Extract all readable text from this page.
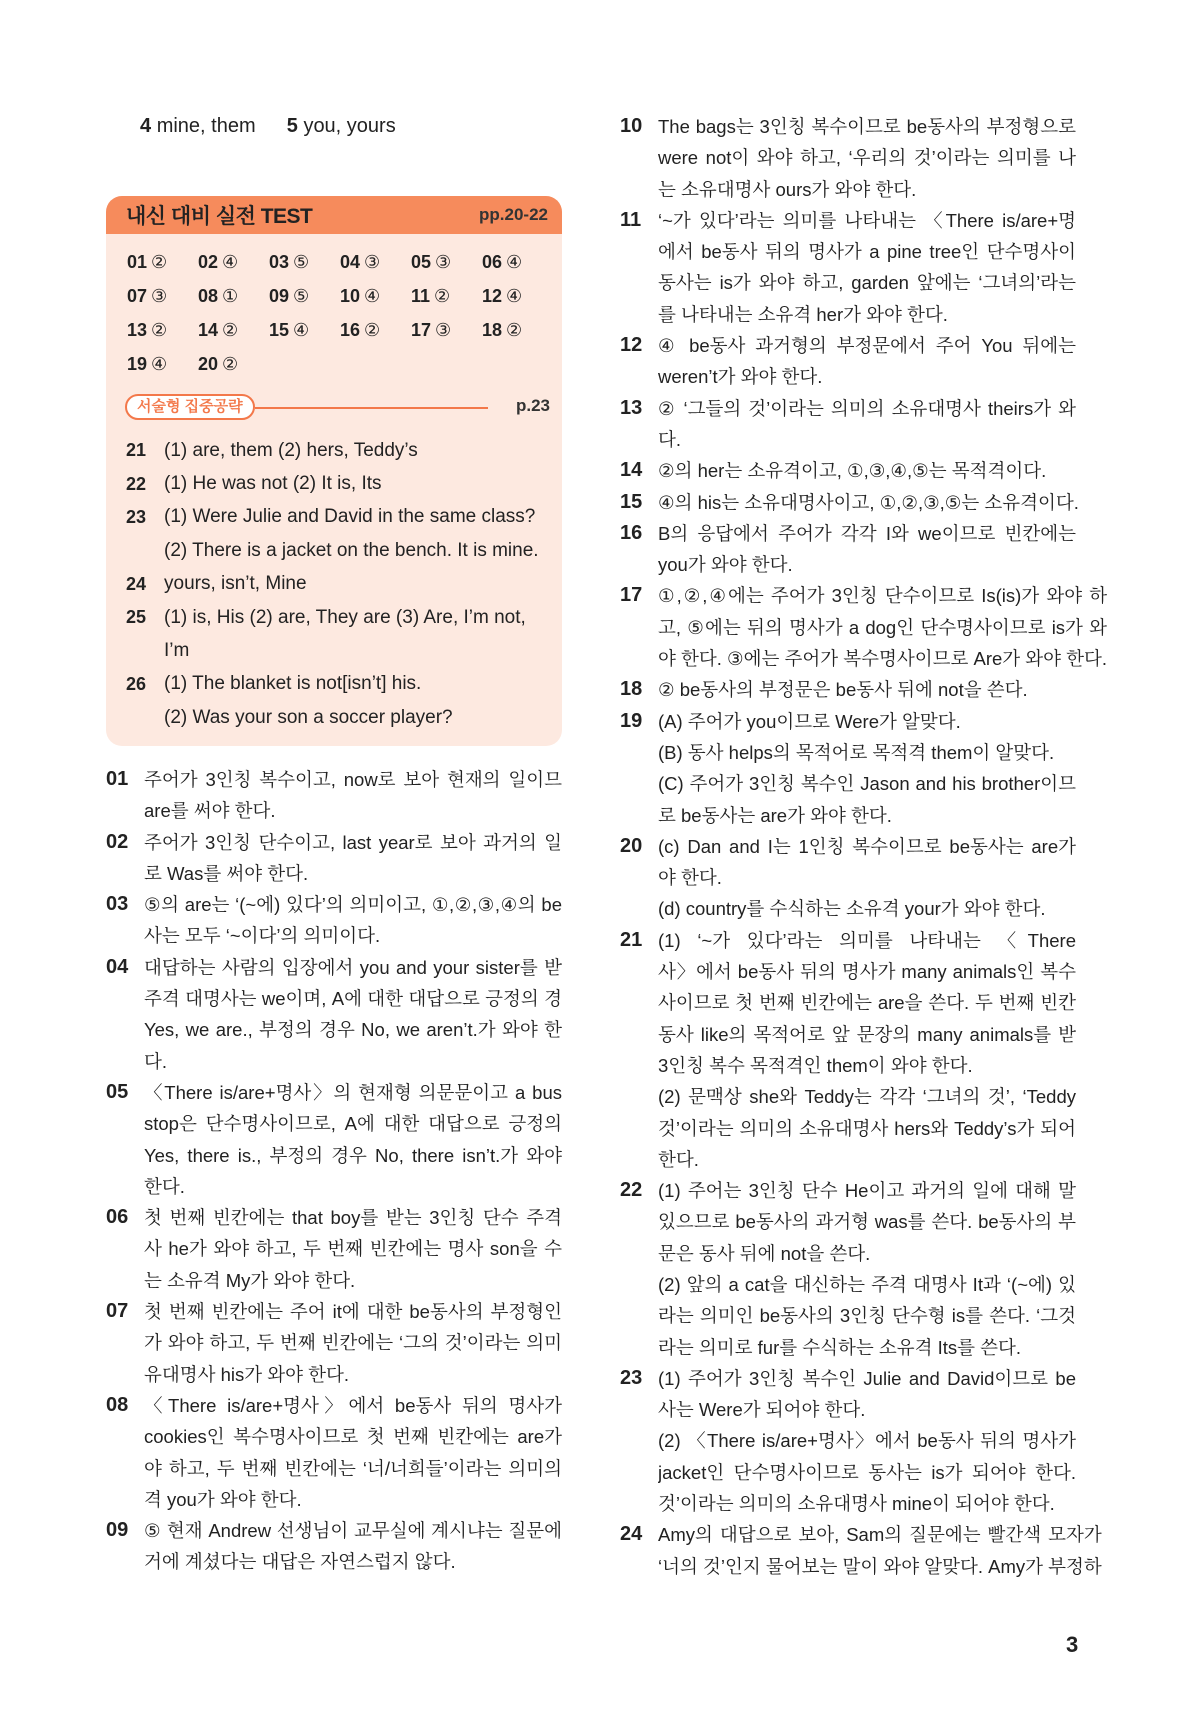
4 mine, them 5 you, yours
내신 대비 실전 TEST	pp.20-22
01 ②	02 ④	03 ⑤	04 ③	05 ③	06 ④
07 ③	08 ①	09 ⑤	10 ④	11 ②	12 ④
13 ②	14 ②	15 ④	16 ②	17 ③	18 ②
19 ④	20 ②
서술형 집중공략	p.23
21 (1) are, them (2) hers, Teddy’s
22 (1) He was not (2) It is, Its
23 (1) Were Julie and David in the same class?
(2) There is a jacket on the bench. It is mine.
24 yours, isn’t, Mine
25 (1) is, His (2) are, They are (3) Are, I’m not,
I’m
26 (1) The blanket is not[isn’t] his.
(2) Was your son a soccer player?
01 주어가 3인칭 복수이고, now로 보아 현재의 일이므
are를 써야 한다.
02 주어가 3인칭 단수이고, last year로 보아 과거의 일
로 Was를 써야 한다.
03 ⑤의 are는 ‘(~에) 있다’의 의미이고, ①,②,③,④의 be
사는 모두 ‘~이다’의 의미이다.
04 대답하는 사람의 입장에서 you and your sister를 받
주격 대명사는 we이며, A에 대한 대답으로 긍정의 경
Yes, we are., 부정의 경우 No, we aren’t.가 와야 한
다.
05 〈There is/are+명사〉의 현재형 의문문이고 a bus
stop은 단수명사이므로, A에 대한 대답으로 긍정의
Yes, there is., 부정의 경우 No, there isn’t.가 와야
한다.
06 첫 번째 빈칸에는 that boy를 받는 3인칭 단수 주격
사 he가 와야 하고, 두 번째 빈칸에는 명사 son을 수
는 소유격 My가 와야 한다.
07 첫 번째 빈칸에는 주어 it에 대한 be동사의 부정형인
가 와야 하고, 두 번째 빈칸에는 ‘그의 것’이라는 의미
유대명사 his가 와야 한다.
08 〈There is/are+명사〉에서 be동사 뒤의 명사가
cookies인 복수명사이므로 첫 번째 빈칸에는 are가
야 하고, 두 번째 빈칸에는 ‘너/너희들’이라는 의미의
격 you가 와야 한다.
09 ⑤ 현재 Andrew 선생님이 교무실에 계시냐는 질문에
거에 계셨다는 대답은 자연스럽지 않다.
10 The bags는 3인칭 복수이므로 be동사의 부정형으로
were not이 와야 하고, ‘우리의 것’이라는 의미를 나
는 소유대명사 ours가 와야 한다.
11 ‘~가 있다’라는 의미를 나타내는 〈There is/are+명
에서 be동사 뒤의 명사가 a pine tree인 단수명사이
동사는 is가 와야 하고, garden 앞에는 ‘그녀의’라는
를 나타내는 소유격 her가 와야 한다.
12 ④ be동사 과거형의 부정문에서 주어 You 뒤에는
weren’t가 와야 한다.
13 ② ‘그들의 것’이라는 의미의 소유대명사 theirs가 와
다.
14 ②의 her는 소유격이고, ①,③,④,⑤는 목적격이다.
15 ④의 his는 소유대명사이고, ①,②,③,⑤는 소유격이다.
16 B의 응답에서 주어가 각각 I와 we이므로 빈칸에는
you가 와야 한다.
17 ①,②,④에는 주어가 3인칭 단수이므로 Is(is)가 와야 하
고, ⑤에는 뒤의 명사가 a dog인 단수명사이므로 is가 와
야 한다. ③에는 주어가 복수명사이므로 Are가 와야 한다.
18 ② be동사의 부정문은 be동사 뒤에 not을 쓴다.
19 (A) 주어가 you이므로 Were가 알맞다.
(B) 동사 helps의 목적어로 목적격 them이 알맞다.
(C) 주어가 3인칭 복수인 Jason and his brother이므
로 be동사는 are가 와야 한다.
20 (c) Dan and I는 1인칭 복수이므로 be동사는 are가
야 한다.
(d) country를 수식하는 소유격 your가 와야 한다.
21 (1) ‘~가 있다’라는 의미를 나타내는 〈There
사〉에서 be동사 뒤의 명사가 many animals인 복수
사이므로 첫 번째 빈칸에는 are을 쓴다. 두 번째 빈칸
동사 like의 목적어로 앞 문장의 many animals를 받
3인칭 복수 목적격인 them이 와야 한다.
(2) 문맥상 she와 Teddy는 각각 ‘그녀의 것’, ‘Teddy
것’이라는 의미의 소유대명사 hers와 Teddy’s가 되어
한다.
22 (1) 주어는 3인칭 단수 He이고 과거의 일에 대해 말
있으므로 be동사의 과거형 was를 쓴다. be동사의 부
문은 동사 뒤에 not을 쓴다.
(2) 앞의 a cat을 대신하는 주격 대명사 It과 ‘(~에) 있
라는 의미인 be동사의 3인칭 단수형 is를 쓴다. ‘그것
라는 의미로 fur를 수식하는 소유격 Its를 쓴다.
23 (1) 주어가 3인칭 복수인 Julie and David이므로 be
사는 Were가 되어야 한다.
(2) 〈There is/are+명사〉에서 be동사 뒤의 명사가
jacket인 단수명사이므로 동사는 is가 되어야 한다.
것’이라는 의미의 소유대명사 mine이 되어야 한다.
24 Amy의 대답으로 보아, Sam의 질문에는 빨간색 모자가
‘너의 것’인지 물어보는 말이 와야 알맞다. Amy가 부정하
3
